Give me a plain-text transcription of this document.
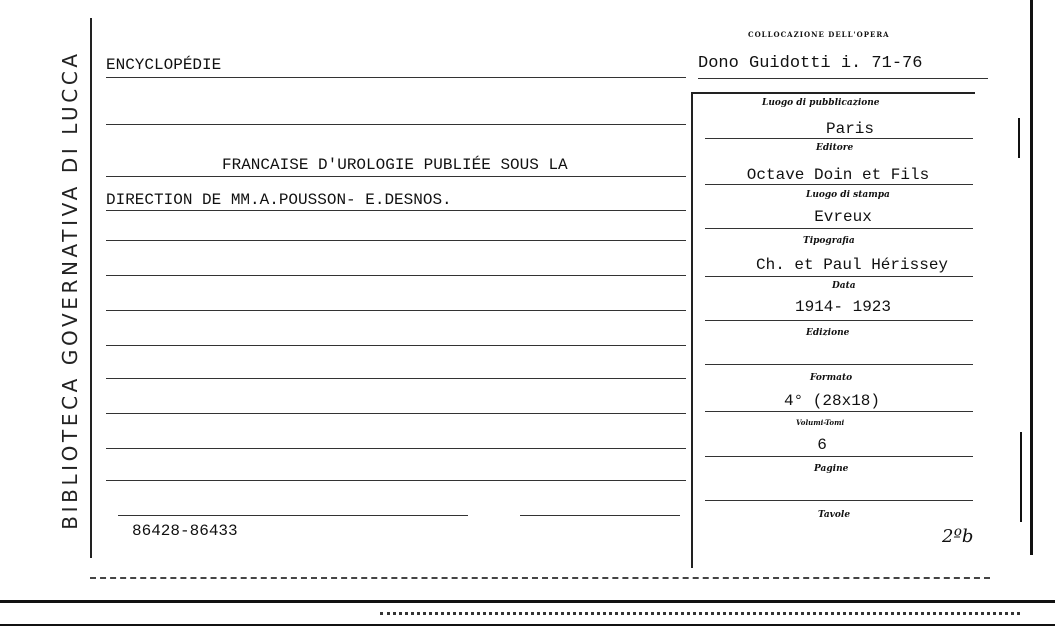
BIBLIOTECA GOVERNATIVA DI LUCCA
COLLOCAZIONE DELL'OPERA
Dono Guidotti i. 71-76
ENCYCLOPÉDIE
FRANCAISE D'UROLOGIE PUBLIÉE SOUS LA
DIRECTION DE MM.A.POUSSON- E.DESNOS.
86428-86433
Luogo di pubblicazione
Paris
Editore
Octave Doin et Fils
Luogo di stampa
Evreux
Tipografia
Ch. et Paul Hérissey
Data
1914- 1923
Edizione
Formato
4° (28x18)
Volumi-Tomi
6
Pagine
Tavole
2ºb
